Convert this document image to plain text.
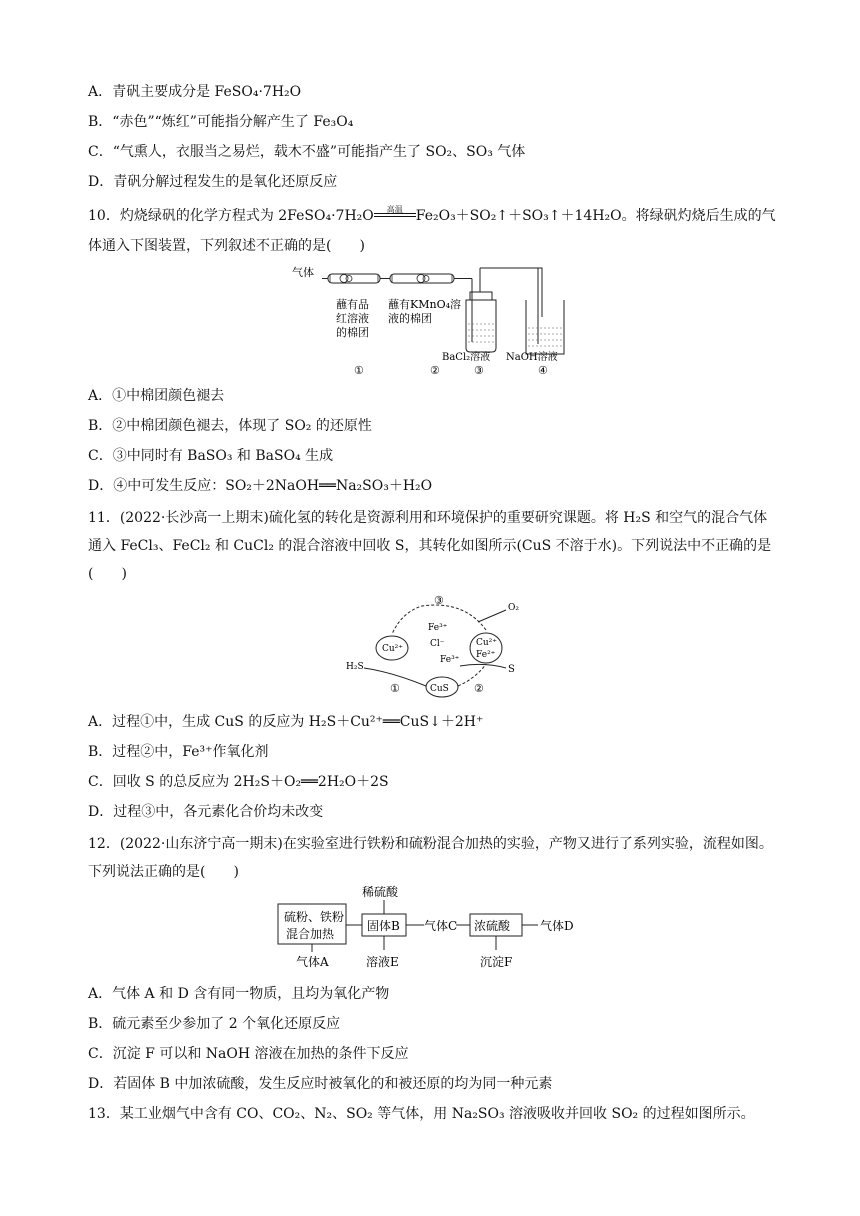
A．青矾主要成分是 FeSO₄·7H₂O
B．“赤色”“炼红”可能指分解产生了 Fe₃O₄
C．“气熏人，衣服当之易烂，载木不盛”可能指产生了 SO₂、SO₃ 气体
D．青矾分解过程发生的是氧化还原反应
10．灼烧绿矾的化学方程式为 2FeSO₄·7H₂O	高温 Fe₂O₃＋SO₂↑＋SO₃↑＋14H₂O。将绿矾灼烧后生成的气
体通入下图装置，下列叙述不正确的是(　　)
气体
蘸有品
红溶液
的棉团
蘸有KMnO₄溶
液的棉团
BaCl₂溶液 NaOH溶液
①	②	③	④
A．①中棉团颜色褪去
B．②中棉团颜色褪去，体现了 SO₂ 的还原性
C．③中同时有 BaSO₃ 和 BaSO₄ 生成
D．④中可发生反应：SO₂＋2NaOH══Na₂SO₃＋H₂O
11．(2022·长沙高一上期末)硫化氢的转化是资源利用和环境保护的重要研究课题。将 H₂S 和空气的混合气体通入 FeCl₃、FeCl₂ 和 CuCl₂ 的混合溶液中回收 S，其转化如图所示(CuS 不溶于水)。下列说法中不正确的是(　　)
③
O₂
Cu²⁺
Fe³⁺
Cl⁻
Fe³⁺
Cu²⁺
Fe²⁺
H₂S
CuS
S
①	②
A．过程①中，生成 CuS 的反应为 H₂S＋Cu²⁺══CuS↓＋2H⁺
B．过程②中，Fe³⁺作氧化剂
C．回收 S 的总反应为 2H₂S＋O₂══2H₂O＋2S
D．过程③中，各元素化合价均未改变
12．(2022·山东济宁高一期末)在实验室进行铁粉和硫粉混合加热的实验，产物又进行了系列实验，流程如图。下列说法正确的是(　　)
稀硫酸
硫粉、铁粉
混合加热
气体A
固体B
溶液E
气体C 浓硫酸
沉淀F
气体D
A．气体 A 和 D 含有同一物质，且均为氧化产物
B．硫元素至少参加了 2 个氧化还原反应
C．沉淀 F 可以和 NaOH 溶液在加热的条件下反应
D．若固体 B 中加浓硫酸，发生反应时被氧化的和被还原的均为同一种元素
13．某工业烟气中含有 CO、CO₂、N₂、SO₂ 等气体，用 Na₂SO₃ 溶液吸收并回收 SO₂ 的过程如图所示。
